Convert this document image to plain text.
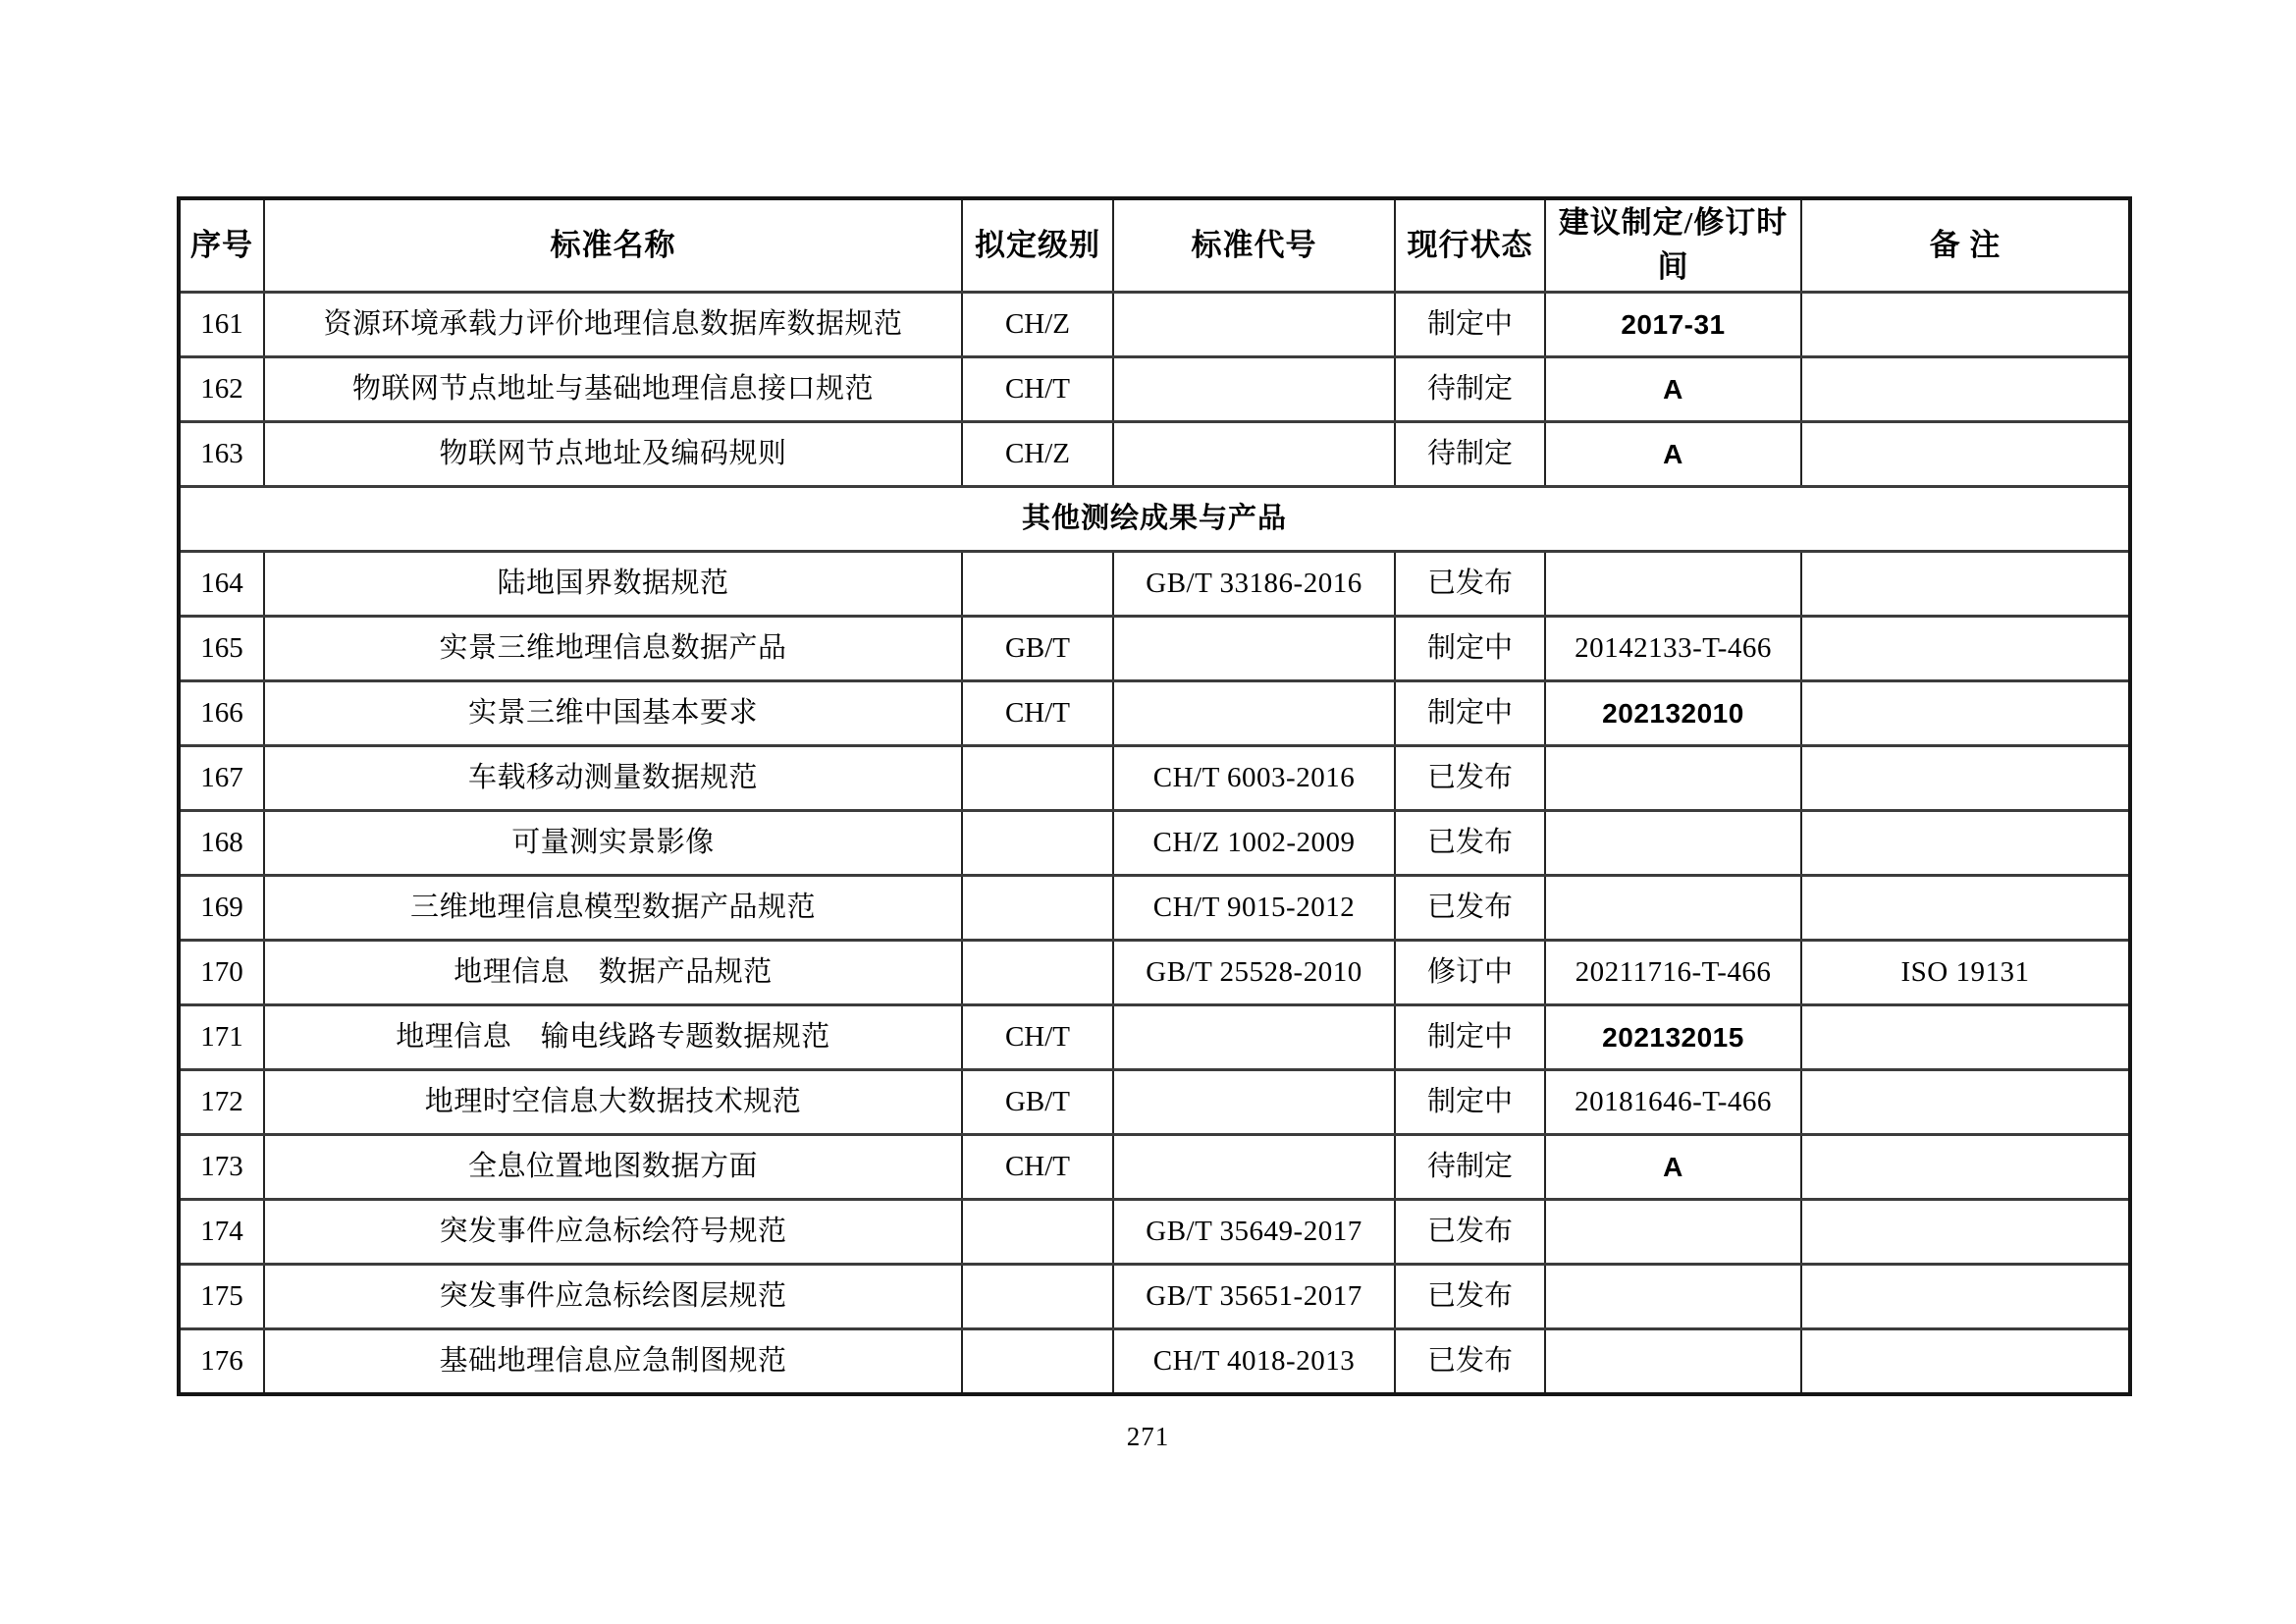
序号	标准名称	拟定级别	标准代号	现行状态	建议制定/修订时间	备 注
161	资源环境承载力评价地理信息数据库数据规范	CH/Z		制定中	2017-31	
162	物联网节点地址与基础地理信息接口规范	CH/T		待制定	A	
163	物联网节点地址及编码规则	CH/Z		待制定	A	
其他测绘成果与产品						
164	陆地国界数据规范		GB/T 33186-2016	已发布		
165	实景三维地理信息数据产品	GB/T		制定中	20142133-T-466	
166	实景三维中国基本要求	CH/T		制定中	202132010	
167	车载移动测量数据规范		CH/T 6003-2016	已发布		
168	可量测实景影像		CH/Z 1002-2009	已发布		
169	三维地理信息模型数据产品规范		CH/T 9015-2012	已发布		
170	地理信息　数据产品规范		GB/T 25528-2010	修订中	20211716-T-466	ISO 19131
171	地理信息　输电线路专题数据规范	CH/T		制定中	202132015	
172	地理时空信息大数据技术规范	GB/T		制定中	20181646-T-466	
173	全息位置地图数据方面	CH/T		待制定	A	
174	突发事件应急标绘符号规范		GB/T 35649-2017	已发布		
175	突发事件应急标绘图层规范		GB/T 35651-2017	已发布		
176	基础地理信息应急制图规范		CH/T 4018-2013	已发布		
271
